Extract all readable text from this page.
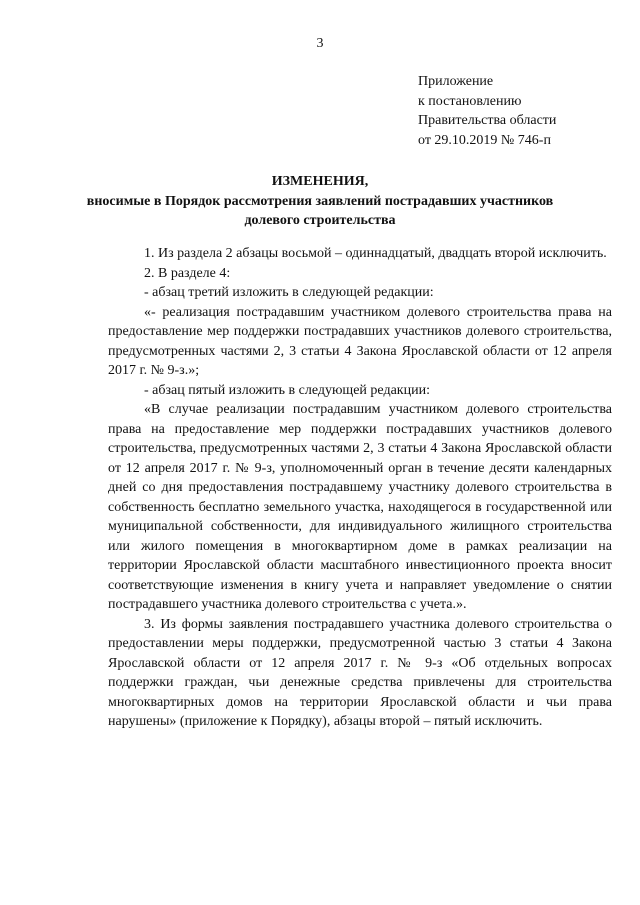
3
Приложение
к постановлению
Правительства области
от 29.10.2019 № 746-п
ИЗМЕНЕНИЯ,
вносимые в Порядок рассмотрения заявлений пострадавших участников
долевого строительства

1. Из раздела 2 абзацы восьмой – одиннадцатый, двадцать второй исключить.

2. В разделе 4:

- абзац третий изложить в следующей редакции:

«- реализация пострадавшим участником долевого строительства права на предоставление мер поддержки пострадавших участников долевого строительства, предусмотренных частями 2, 3 статьи 4 Закона Ярославской области от 12 апреля 2017 г. № 9-з.»;

- абзац пятый изложить в следующей редакции:

«В случае реализации пострадавшим участником долевого строительства права на предоставление мер поддержки пострадавших участников долевого строительства, предусмотренных частями 2, 3 статьи 4 Закона Ярославской области от 12 апреля 2017 г. № 9-з, уполномоченный орган в течение десяти календарных дней со дня предоставления пострадавшему участнику долевого строительства в собственность бесплатно земельного участка, находящегося в государственной или муниципальной собственности, для индивидуального жилищного строительства или жилого помещения в многоквартирном доме в рамках реализации на территории Ярославской области масштабного инвестиционного проекта вносит соответствующие изменения в книгу учета и направляет уведомление о снятии пострадавшего участника долевого строительства с учета.».

3. Из формы заявления пострадавшего участника долевого строительства о предоставлении меры поддержки, предусмотренной частью 3 статьи 4 Закона Ярославской области от 12 апреля 2017 г. № 9-з «Об отдельных вопросах поддержки граждан, чьи денежные средства привлечены для строительства многоквартирных домов на территории Ярославской области и чьи права нарушены» (приложение к Порядку), абзацы второй – пятый исключить.
